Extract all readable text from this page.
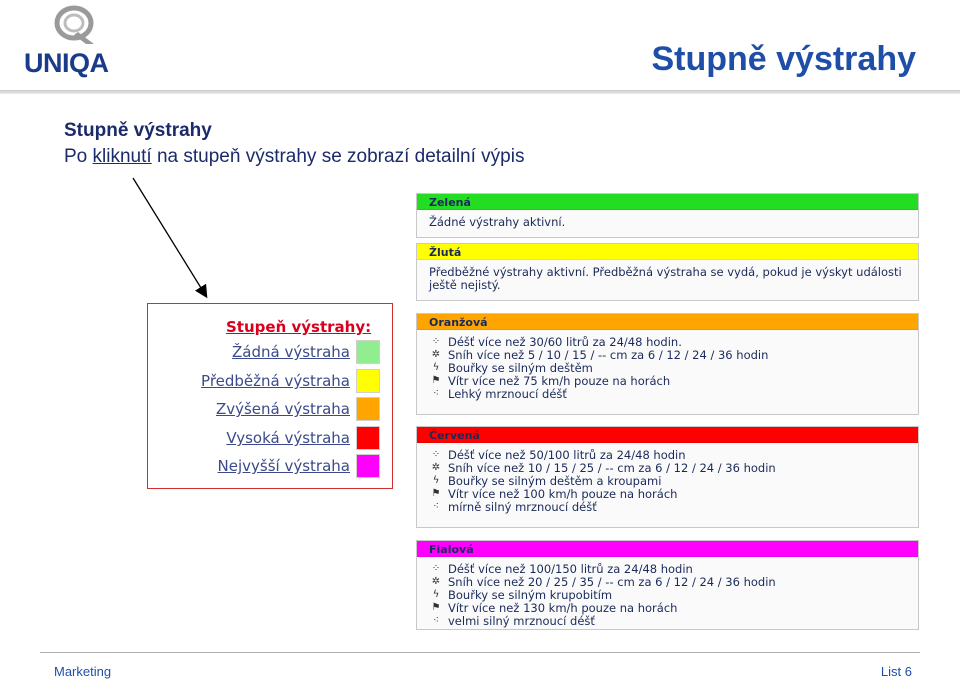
UNIQA	Stupně výstrahy
Stupně výstrahy
Po kliknutí na stupeň výstrahy se zobrazí detailní výpis
Stupeň výstrahy:
Žádná výstraha
Předběžná výstraha
Zvýšená výstraha
Vysoká výstraha
Nejvyšší výstraha
Zelená
Žádné výstrahy aktivní.
Žlutá
Předběžné výstrahy aktivní. Předběžná výstraha se vydá, pokud je výskyt události
ještě nejistý.
Oranžová
⁘ Déšť více než 30/60 litrů za 24/48 hodin.
✲ Sníh více než 5 / 10 / 15 / -- cm za 6 / 12 / 24 / 36 hodin
ϟ Bouřky se silným deštěm
⚑ Vítr více než 75 km/h pouze na horách
⁖ Lehký mrznoucí déšť
Červená
⁘ Déšť více než 50/100 litrů za 24/48 hodin
✲ Sníh více než 10 / 15 / 25 / -- cm za 6 / 12 / 24 / 36 hodin
ϟ Bouřky se silným deštěm a kroupami
⚑ Vítr více než 100 km/h pouze na horách
⁖ mírně silný mrznoucí déšť
Fialová
⁘ Déšť více než 100/150 litrů za 24/48 hodin
✲ Sníh více než 20 / 25 / 35 / -- cm za 6 / 12 / 24 / 36 hodin
ϟ Bouřky se silným krupobitím
⚑ Vítr více než 130 km/h pouze na horách
⁖ velmi silný mrznoucí déšť
Marketing	List 6
